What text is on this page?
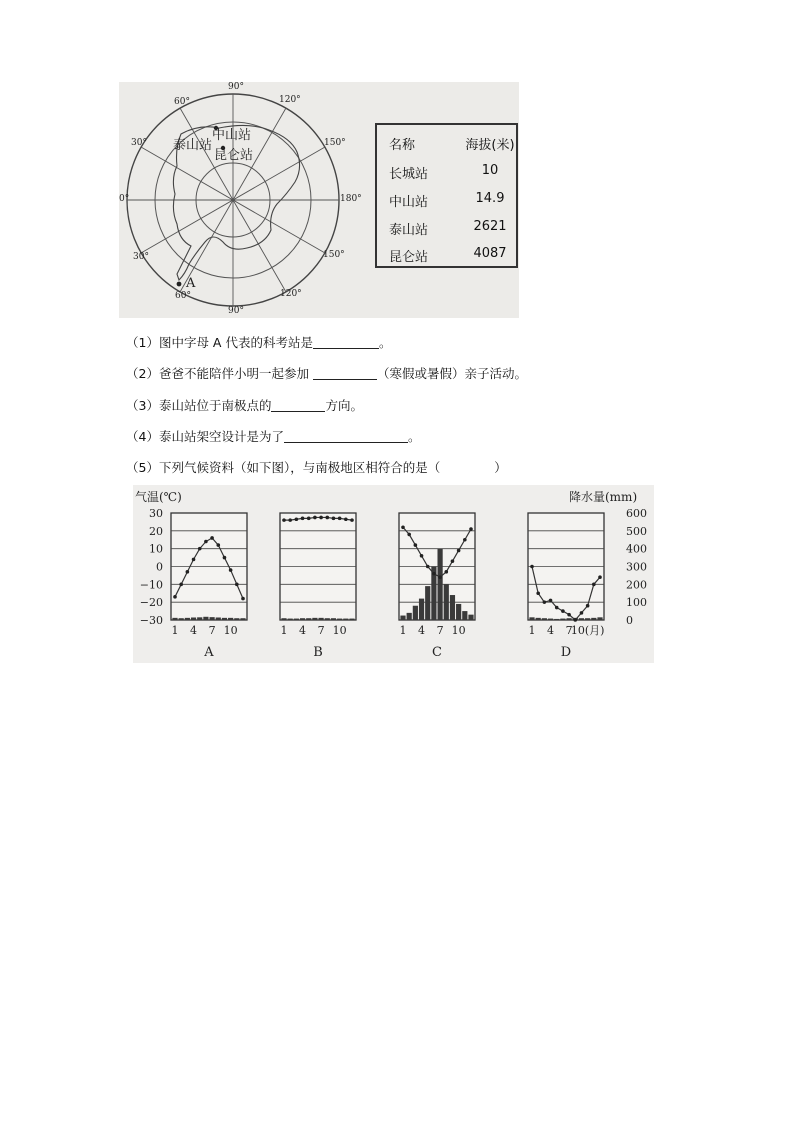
90°
60°	120°
30°	150°
0°	180°
30°	150°
60°	120°
90°
中山站
泰山站
昆仑站
A
名称	海拔(米)
长城站	10
中山站	14.9
泰山站	2621
昆仑站	4087
（1）图中字母 A 代表的科考站是	。
（2）爸爸不能陪伴小明一起参加	（寒假或暑假）亲子活动。
（3）泰山站位于南极点的	方向。
（4）泰山站架空设计是为了	。
（5）下列气候资料（如下图），与南极地区相符合的是（	）
30
20
10
0
−10
−20
−30
600
500
400
300
200
100
0
1 4 7 10
A
1 4 7 10
B
1 4 7 10
C
1 4 7
10(月)
D
气温(℃)	降水量(mm)
